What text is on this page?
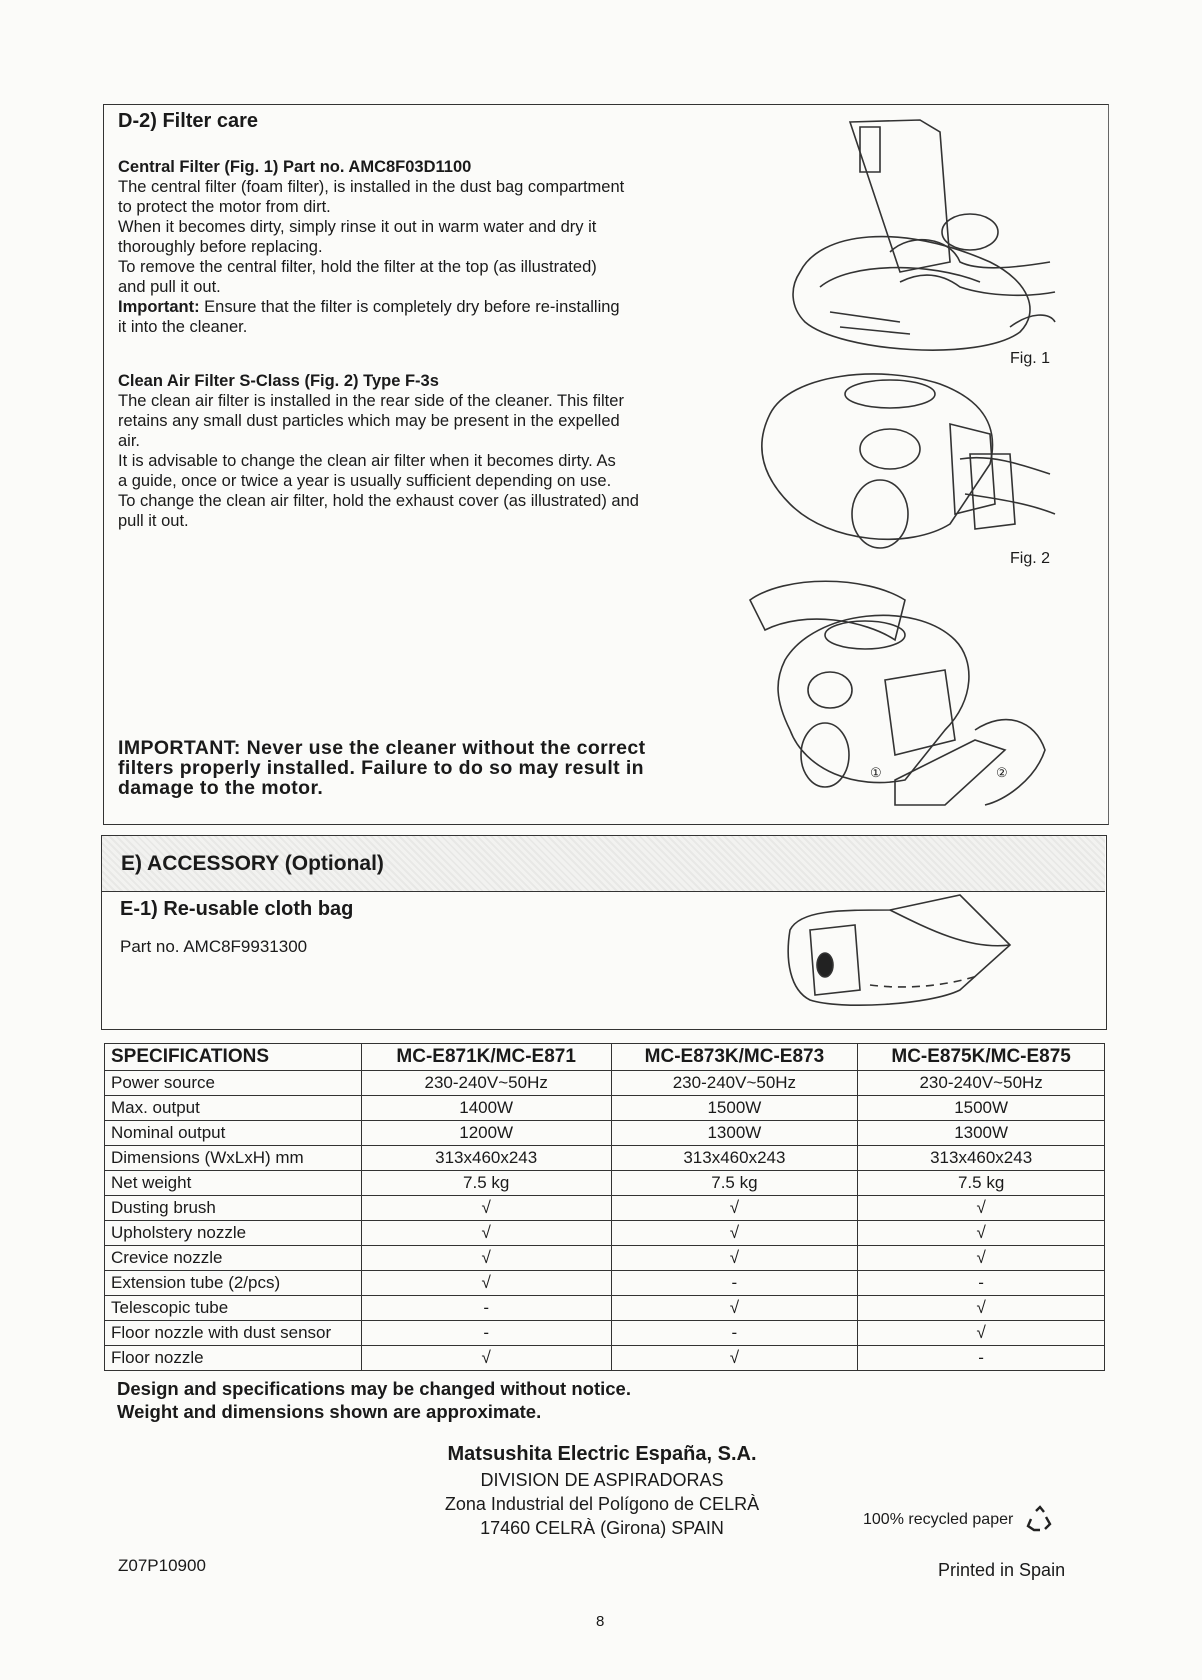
D-2) Filter care
Central Filter (Fig. 1) Part no. AMC8F03D1100
The central filter (foam filter), is installed in the dust bag compartment
to protect the motor from dirt.
When it becomes dirty, simply rinse it out in warm water and dry it
thoroughly before replacing.
To remove the central filter, hold the filter at the top (as illustrated)
and pull it out.
Important: Ensure that the filter is completely dry before re-installing
it into the cleaner.
Clean Air Filter S-Class (Fig. 2) Type F-3s
The clean air filter is installed in the rear side of the cleaner. This filter
retains any small dust particles which may be present in the expelled
air.
It is advisable to change the clean air filter when it becomes dirty. As
a guide, once or twice a year is usually sufficient depending on use.
To change the clean air filter, hold the exhaust cover (as illustrated) and
pull it out.
IMPORTANT: Never use the cleaner without the correct
filters properly installed. Failure to do so may result in
damage to the motor.
Fig. 1
Fig. 2
①	②
E) ACCESSORY (Optional)
E-1) Re-usable cloth bag
Part no. AMC8F9931300
SPECIFICATIONS	MC-E871K/MC-E871	MC-E873K/MC-E873	MC-E875K/MC-E875
Power source	230-240V~50Hz	230-240V~50Hz	230-240V~50Hz
Max. output	1400W	1500W	1500W
Nominal output	1200W	1300W	1300W
Dimensions (WxLxH) mm	313x460x243	313x460x243	313x460x243
Net weight	7.5 kg	7.5 kg	7.5 kg
Dusting brush	√	√	√
Upholstery nozzle	√	√	√
Crevice nozzle	√	√	√
Extension tube (2/pcs)	√	-	-
Telescopic tube	-	√	√
Floor nozzle with dust sensor	-	-	√
Floor nozzle	√	√	-
Design and specifications may be changed without notice.
Weight and dimensions shown are approximate.
Matsushita Electric España, S.A.
DIVISION DE ASPIRADORAS
Zona Industrial del Polígono de CELRÀ
17460 CELRÀ (Girona) SPAIN	100% recycled paper
Z07P10900	Printed in Spain
8
